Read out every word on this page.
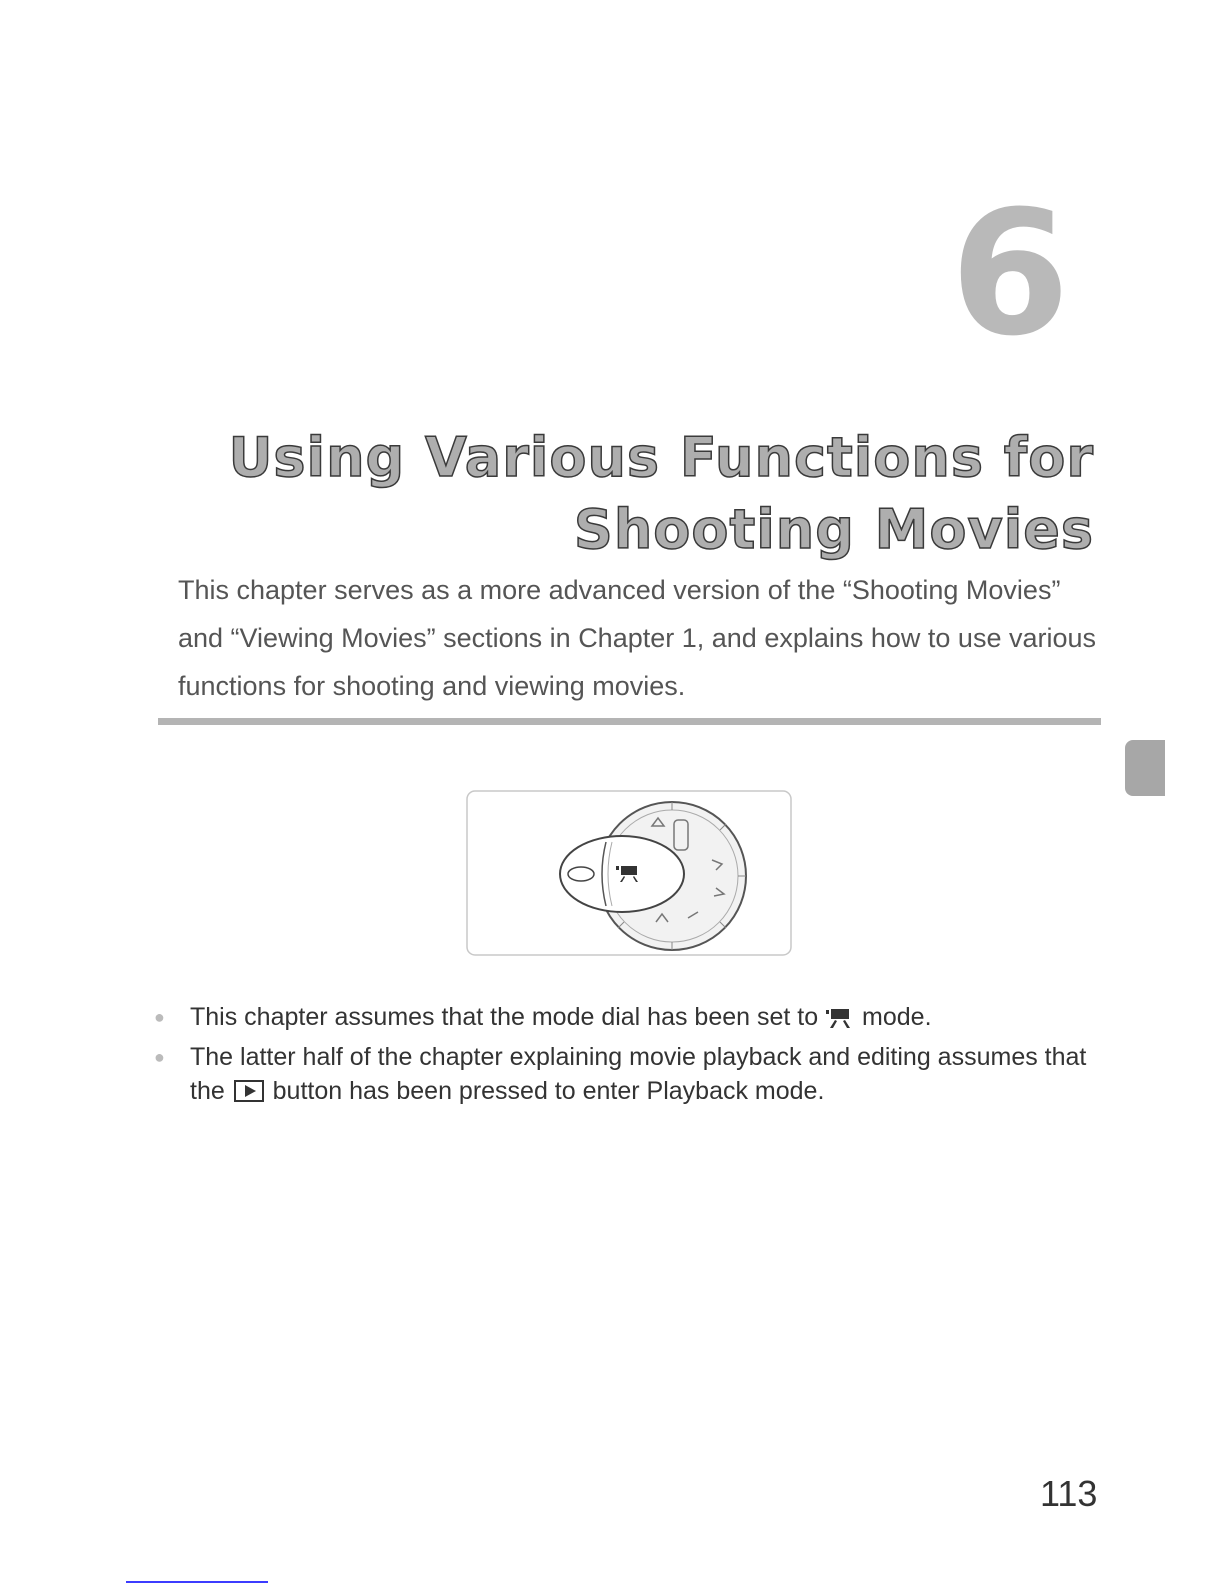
6
Using Various Functions for
Shooting Movies

This chapter serves as a more advanced version of the “Shooting Movies” and “Viewing Movies” sections in Chapter 1, and explains how to use various functions for shooting and viewing movies.

● This chapter assumes that the mode dial has been set to  mode.
● The latter half of the chapter explaining movie playback and editing assumes that the  button has been pressed to enter Playback mode.
113
